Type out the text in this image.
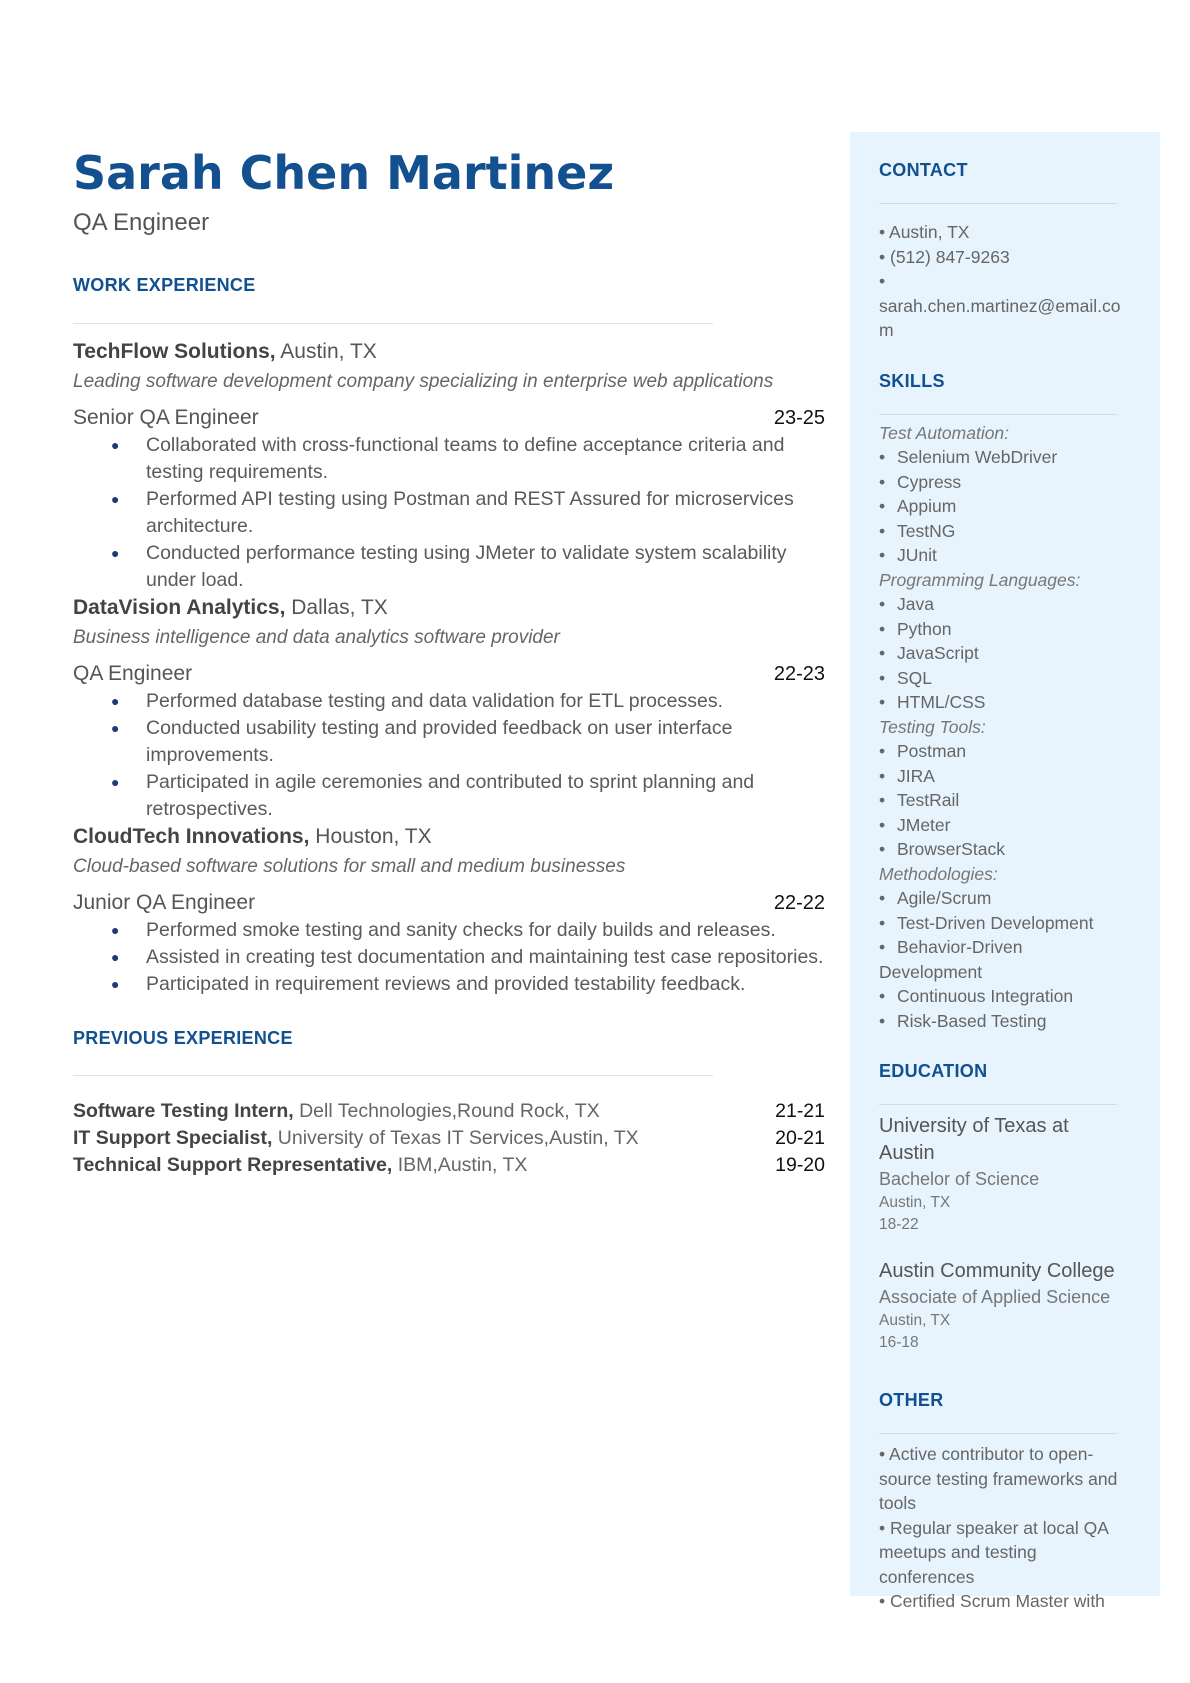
Sarah Chen Martinez
QA Engineer
WORK EXPERIENCE
TechFlow Solutions, Austin, TX
Leading software development company specializing in enterprise web applications
Senior QA Engineer	23-25
● Collaborated with cross-functional teams to define acceptance criteria and testing requirements.
● Performed API testing using Postman and REST Assured for microservices architecture.
● Conducted performance testing using JMeter to validate system scalability under load.
DataVision Analytics, Dallas, TX
Business intelligence and data analytics software provider
QA Engineer	22-23
● Performed database testing and data validation for ETL processes.
● Conducted usability testing and provided feedback on user interface improvements.
● Participated in agile ceremonies and contributed to sprint planning and retrospectives.
CloudTech Innovations, Houston, TX
Cloud-based software solutions for small and medium businesses
Junior QA Engineer	22-22
● Performed smoke testing and sanity checks for daily builds and releases.
● Assisted in creating test documentation and maintaining test case repositories.
● Participated in requirement reviews and provided testability feedback.
PREVIOUS EXPERIENCE
Software Testing Intern, Dell Technologies,Round Rock, TX	21-21
IT Support Specialist, University of Texas IT Services,Austin, TX	20-21
Technical Support Representative, IBM,Austin, TX	19-20
CONTACT
• Austin, TX
• (512) 847-9263
•
sarah.chen.martinez@email.co
m
SKILLS
Test Automation:
• Selenium WebDriver
• Cypress
• Appium
• TestNG
• JUnit
Programming Languages:
• Java
• Python
• JavaScript
• SQL
• HTML/CSS
Testing Tools:
• Postman
• JIRA
• TestRail
• JMeter
• BrowserStack
Methodologies:
• Agile/Scrum
• Test-Driven Development
• Behavior-Driven
Development
• Continuous Integration
• Risk-Based Testing
EDUCATION
University of Texas at
Austin
Bachelor of Science
Austin, TX
18-22
Austin Community College
Associate of Applied Science
Austin, TX
16-18
OTHER
• Active contributor to open-
source testing frameworks and
tools
• Regular speaker at local QA
meetups and testing
conferences
• Certified Scrum Master with
